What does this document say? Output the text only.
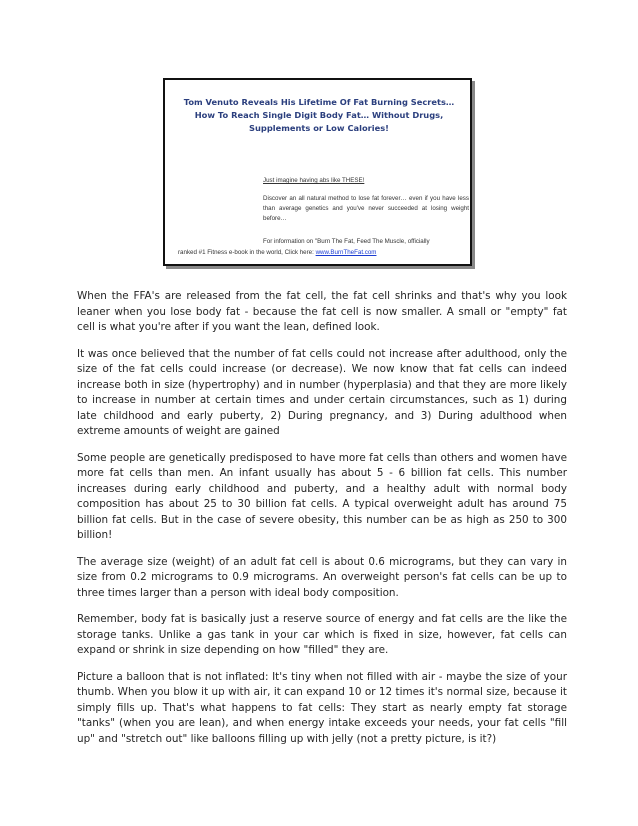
Tom Venuto Reveals His Lifetime Of Fat Burning Secrets… How To Reach Single Digit Body Fat… Without Drugs, Supplements or Low Calories!
Just imagine having abs like THESE!
Discover an all natural method to lose fat forever… even if you have less than average genetics and you've never succeeded at losing weight before…
For information on "Burn The Fat, Feed The Muscle, officially
ranked #1 Fitness e-book in the world, Click here: www.BurnTheFat.com

When the FFA's are released from the fat cell, the fat cell shrinks and that's why you look leaner when you lose body fat - because the fat cell is now smaller. A small or "empty" fat cell is what you're after if you want the lean, defined look.

It was once believed that the number of fat cells could not increase after adulthood, only the size of the fat cells could increase (or decrease). We now know that fat cells can indeed increase both in size (hypertrophy) and in number (hyperplasia) and that they are more likely to increase in number at certain times and under certain circumstances, such as 1) during late childhood and early puberty, 2) During pregnancy, and 3) During adulthood when extreme amounts of weight are gained

Some people are genetically predisposed to have more fat cells than others and women have more fat cells than men. An infant usually has about 5 - 6 billion fat cells. This number increases during early childhood and puberty, and a healthy adult with normal body composition has about 25 to 30 billion fat cells. A typical overweight adult has around 75 billion fat cells. But in the case of severe obesity, this number can be as high as 250 to 300 billion!

The average size (weight) of an adult fat cell is about 0.6 micrograms, but they can vary in size from 0.2 micrograms to 0.9 micrograms. An overweight person's fat cells can be up to three times larger than a person with ideal body composition.

Remember, body fat is basically just a reserve source of energy and fat cells are the like the storage tanks. Unlike a gas tank in your car which is fixed in size, however, fat cells can expand or shrink in size depending on how "filled" they are.

Picture a balloon that is not inflated: It's tiny when not filled with air - maybe the size of your thumb. When you blow it up with air, it can expand 10 or 12 times it's normal size, because it simply fills up. That's what happens to fat cells: They start as nearly empty fat storage "tanks" (when you are lean), and when energy intake exceeds your needs, your fat cells "fill up" and "stretch out" like balloons filling up with jelly (not a pretty picture, is it?)
